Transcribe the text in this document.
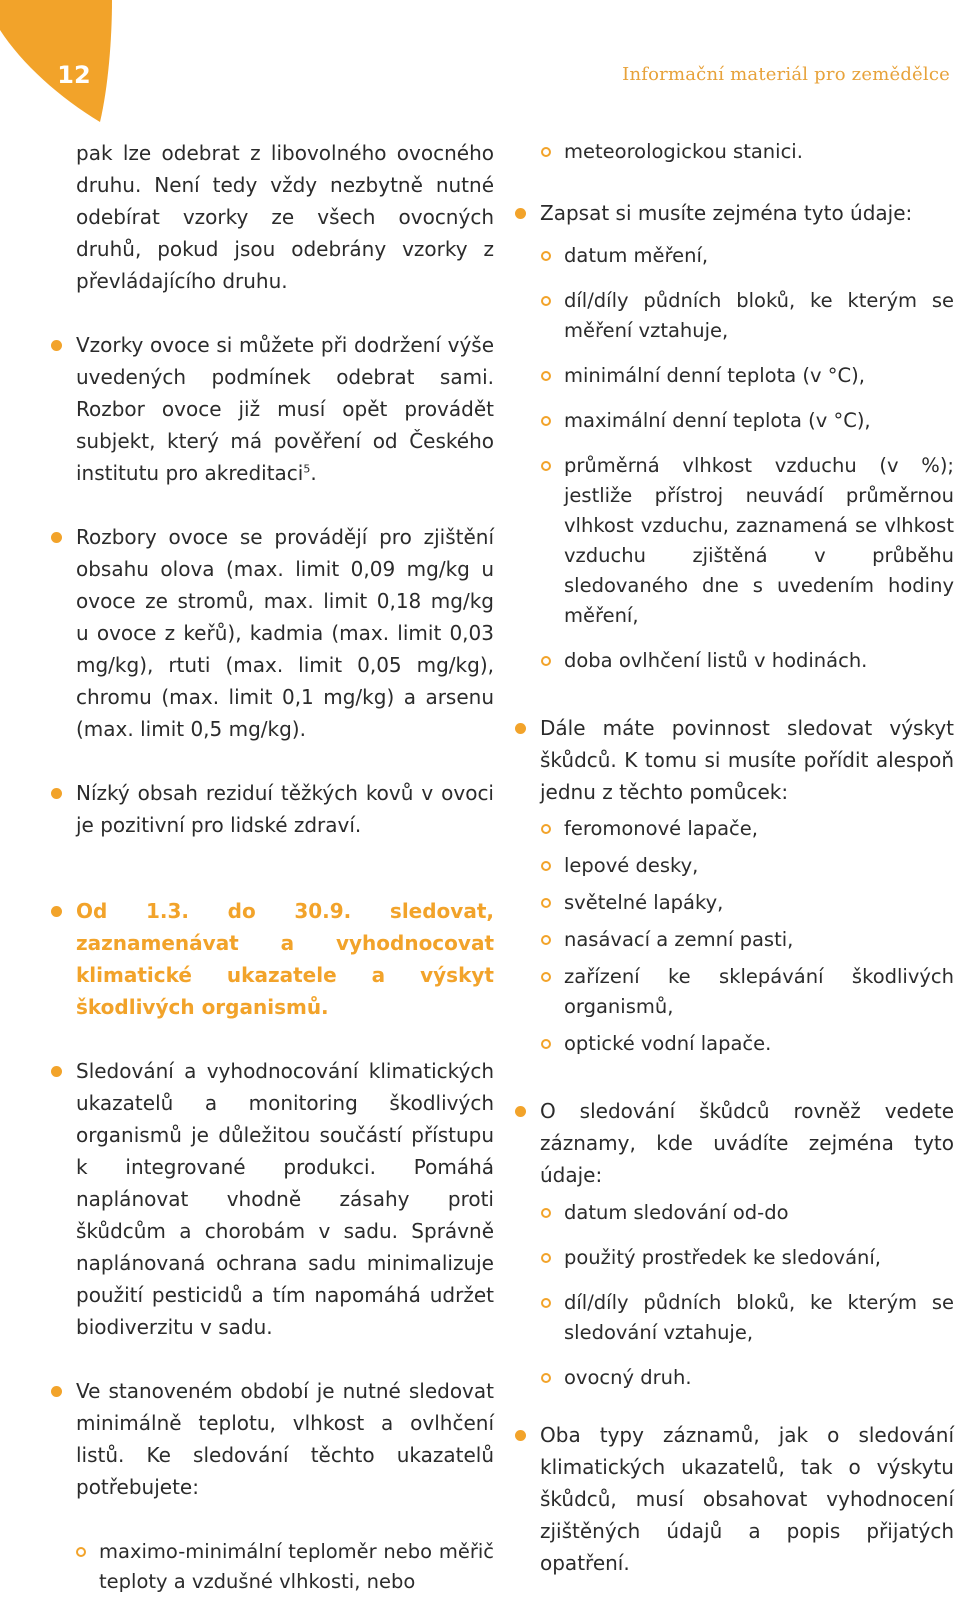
12	Informační materiál pro zemědělce

pak lze odebrat z libovolného ovocného druhu. Není tedy vždy nezbytně nutné odebírat vzorky ze všech ovocných druhů, pokud jsou odebrány vzorky z převládajícího druhu.

Vzorky ovoce si můžete při dodržení výše uvedených podmínek odebrat sami. Rozbor ovoce již musí opět provádět subjekt, který má pověření od Českého institutu pro akreditaci$^5$.

Rozbory ovoce se provádějí pro zjištění obsahu olova (max. limit 0,09 mg/kg u ovoce ze stromů, max. limit 0,18 mg/kg u ovoce z keřů), kadmia (max. limit 0,03 mg/kg), rtuti (max. limit 0,05 mg/kg), chromu (max. limit 0,1 mg/kg) a arsenu (max. limit 0,5 mg/kg).

Nízký obsah reziduí těžkých kovů v ovoci je pozitivní pro lidské zdraví.

Od 1.3. do 30.9. sledovat, zaznamenávat a vyhodnocovat klimatické ukazatele a výskyt škodlivých organismů.

Sledování a vyhodnocování klimatických ukazatelů a monitoring škodlivých organismů je důležitou součástí přístupu k integrované produkci. Pomáhá naplánovat vhodně zásahy proti škůdcům a chorobám v sadu. Správně naplánovaná ochrana sadu minimalizuje použití pesticidů a tím napomáhá udržet biodiverzitu v sadu.

Ve stanoveném období je nutné sledovat minimálně teplotu, vlhkost a ovlhčení listů. Ke sledování těchto ukazatelů potřebujete:

maximo-minimální teploměr nebo měřič teploty a vzdušné vlhkosti, nebo

meteorologickou stanici.

Zapsat si musíte zejména tyto údaje:

datum měření,

díl/díly půdních bloků, ke kterým se měření vztahuje,

minimální denní teplota (v °C),

maximální denní teplota (v °C),

průměrná vlhkost vzduchu (v %); jestliže přístroj neuvádí průměrnou vlhkost vzduchu, zaznamená se vlhkost vzduchu zjištěná v průběhu sledovaného dne s uvedením hodiny měření,

doba ovlhčení listů v hodinách.

Dále máte povinnost sledovat výskyt škůdců. K tomu si musíte pořídit alespoň jednu z těchto pomůcek:

feromonové lapače,

lepové desky,

světelné lapáky,

nasávací a zemní pasti,

zařízení ke sklepávání škodlivých organismů,

optické vodní lapače.

O sledování škůdců rovněž vedete záznamy, kde uvádíte zejména tyto údaje:

datum sledování od-do

použitý prostředek ke sledování,

díl/díly půdních bloků, ke kterým se sledování vztahuje,

ovocný druh.

Oba typy záznamů, jak o sledování klimatických ukazatelů, tak o výskytu škůdců, musí obsahovat vyhodnocení zjištěných údajů a popis přijatých opatření.
